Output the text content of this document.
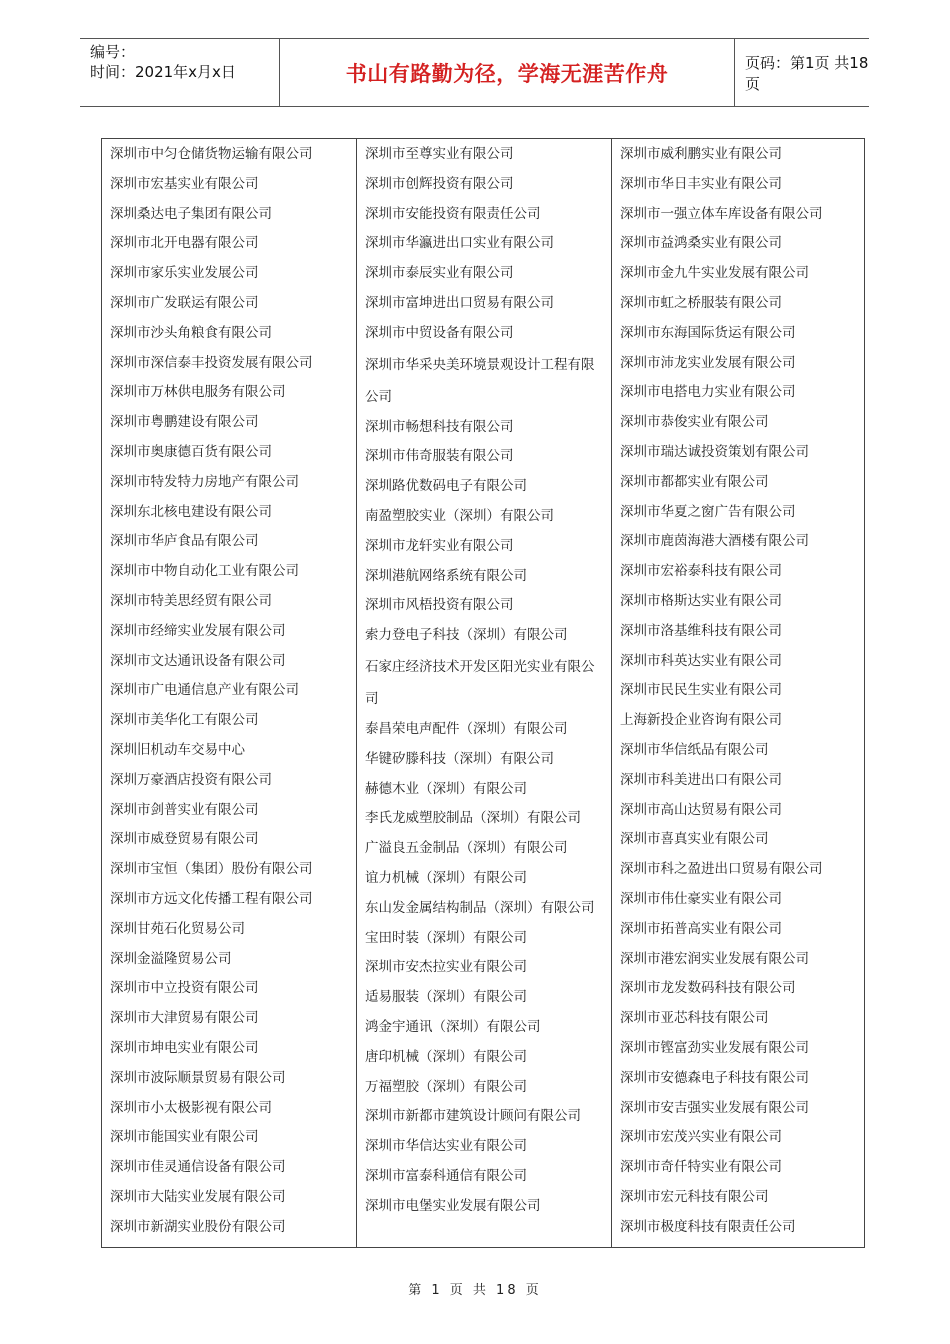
编号：
时间：2021年x月x日	书山有路勤为径，学海无涯苦作舟	页码：第1页 共18页
深圳市中匀仓储货物运输有限公司
深圳市宏基实业有限公司
深圳桑达电子集团有限公司
深圳市北开电器有限公司
深圳市家乐实业发展公司
深圳市广发联运有限公司
深圳市沙头角粮食有限公司
深圳市深信泰丰投资发展有限公司
深圳市万林供电服务有限公司
深圳市粤鹏建设有限公司
深圳市奥康德百货有限公司
深圳市特发特力房地产有限公司
深圳东北核电建设有限公司
深圳市华庐食品有限公司
深圳市中物自动化工业有限公司
深圳市特美思经贸有限公司
深圳市经缔实业发展有限公司
深圳市文达通讯设备有限公司
深圳市广电通信息产业有限公司
深圳市美华化工有限公司
深圳旧机动车交易中心
深圳万豪酒店投资有限公司
深圳市剑普实业有限公司
深圳市威登贸易有限公司
深圳市宝恒（集团）股份有限公司
深圳市方远文化传播工程有限公司
深圳甘苑石化贸易公司
深圳金溢隆贸易公司
深圳市中立投资有限公司
深圳市大津贸易有限公司
深圳市坤电实业有限公司
深圳市波际顺景贸易有限公司
深圳市小太极影视有限公司
深圳市能国实业有限公司
深圳市佳灵通信设备有限公司
深圳市大陆实业发展有限公司
深圳市新湖实业股份有限公司
深圳市至尊实业有限公司
深圳市创辉投资有限公司
深圳市安能投资有限责任公司
深圳市华瀛进出口实业有限公司
深圳市泰辰实业有限公司
深圳市富坤进出口贸易有限公司
深圳市中贸设备有限公司
深圳市华采央美环境景观设计工程有限公司
深圳市畅想科技有限公司
深圳市伟奇服装有限公司
深圳路优数码电子有限公司
南盈塑胶实业（深圳）有限公司
深圳市龙轩实业有限公司
深圳港航网络系统有限公司
深圳市风梧投资有限公司
索力登电子科技（深圳）有限公司
石家庄经济技术开发区阳光实业有限公司
泰昌荣电声配件（深圳）有限公司
华键矽滕科技（深圳）有限公司
赫德木业（深圳）有限公司
李氏龙威塑胶制品（深圳）有限公司
广溢良五金制品（深圳）有限公司
谊力机械（深圳）有限公司
东山发金属结构制品（深圳）有限公司
宝田时装（深圳）有限公司
深圳市安杰拉实业有限公司
适易服装（深圳）有限公司
鸿金宇通讯（深圳）有限公司
唐印机械（深圳）有限公司
万福塑胶（深圳）有限公司
深圳市新都市建筑设计顾问有限公司
深圳市华信达实业有限公司
深圳市富泰科通信有限公司
深圳市电堡实业发展有限公司
深圳市威利鹏实业有限公司
深圳市华日丰实业有限公司
深圳市一强立体车库设备有限公司
深圳市益鸿桑实业有限公司
深圳市金九牛实业发展有限公司
深圳市虹之桥服装有限公司
深圳市东海国际货运有限公司
深圳市沛龙实业发展有限公司
深圳市电搭电力实业有限公司
深圳市恭俊实业有限公司
深圳市瑞达诚投资策划有限公司
深圳市都都实业有限公司
深圳市华夏之窗广告有限公司
深圳市鹿茵海港大酒楼有限公司
深圳市宏裕泰科技有限公司
深圳市格斯达实业有限公司
深圳市洛基维科技有限公司
深圳市科英达实业有限公司
深圳市民民生实业有限公司
上海新投企业咨询有限公司
深圳市华信纸品有限公司
深圳市科美进出口有限公司
深圳市高山达贸易有限公司
深圳市喜真实业有限公司
深圳市科之盈进出口贸易有限公司
深圳市伟仕豪实业有限公司
深圳市拓普高实业有限公司
深圳市港宏润实业发展有限公司
深圳市龙发数码科技有限公司
深圳市亚芯科技有限公司
深圳市铿富劲实业发展有限公司
深圳市安德森电子科技有限公司
深圳市安吉强实业发展有限公司
深圳市宏茂兴实业有限公司
深圳市奇仟特实业有限公司
深圳市宏元科技有限公司
深圳市极度科技有限责任公司
第 1 页 共 18 页
